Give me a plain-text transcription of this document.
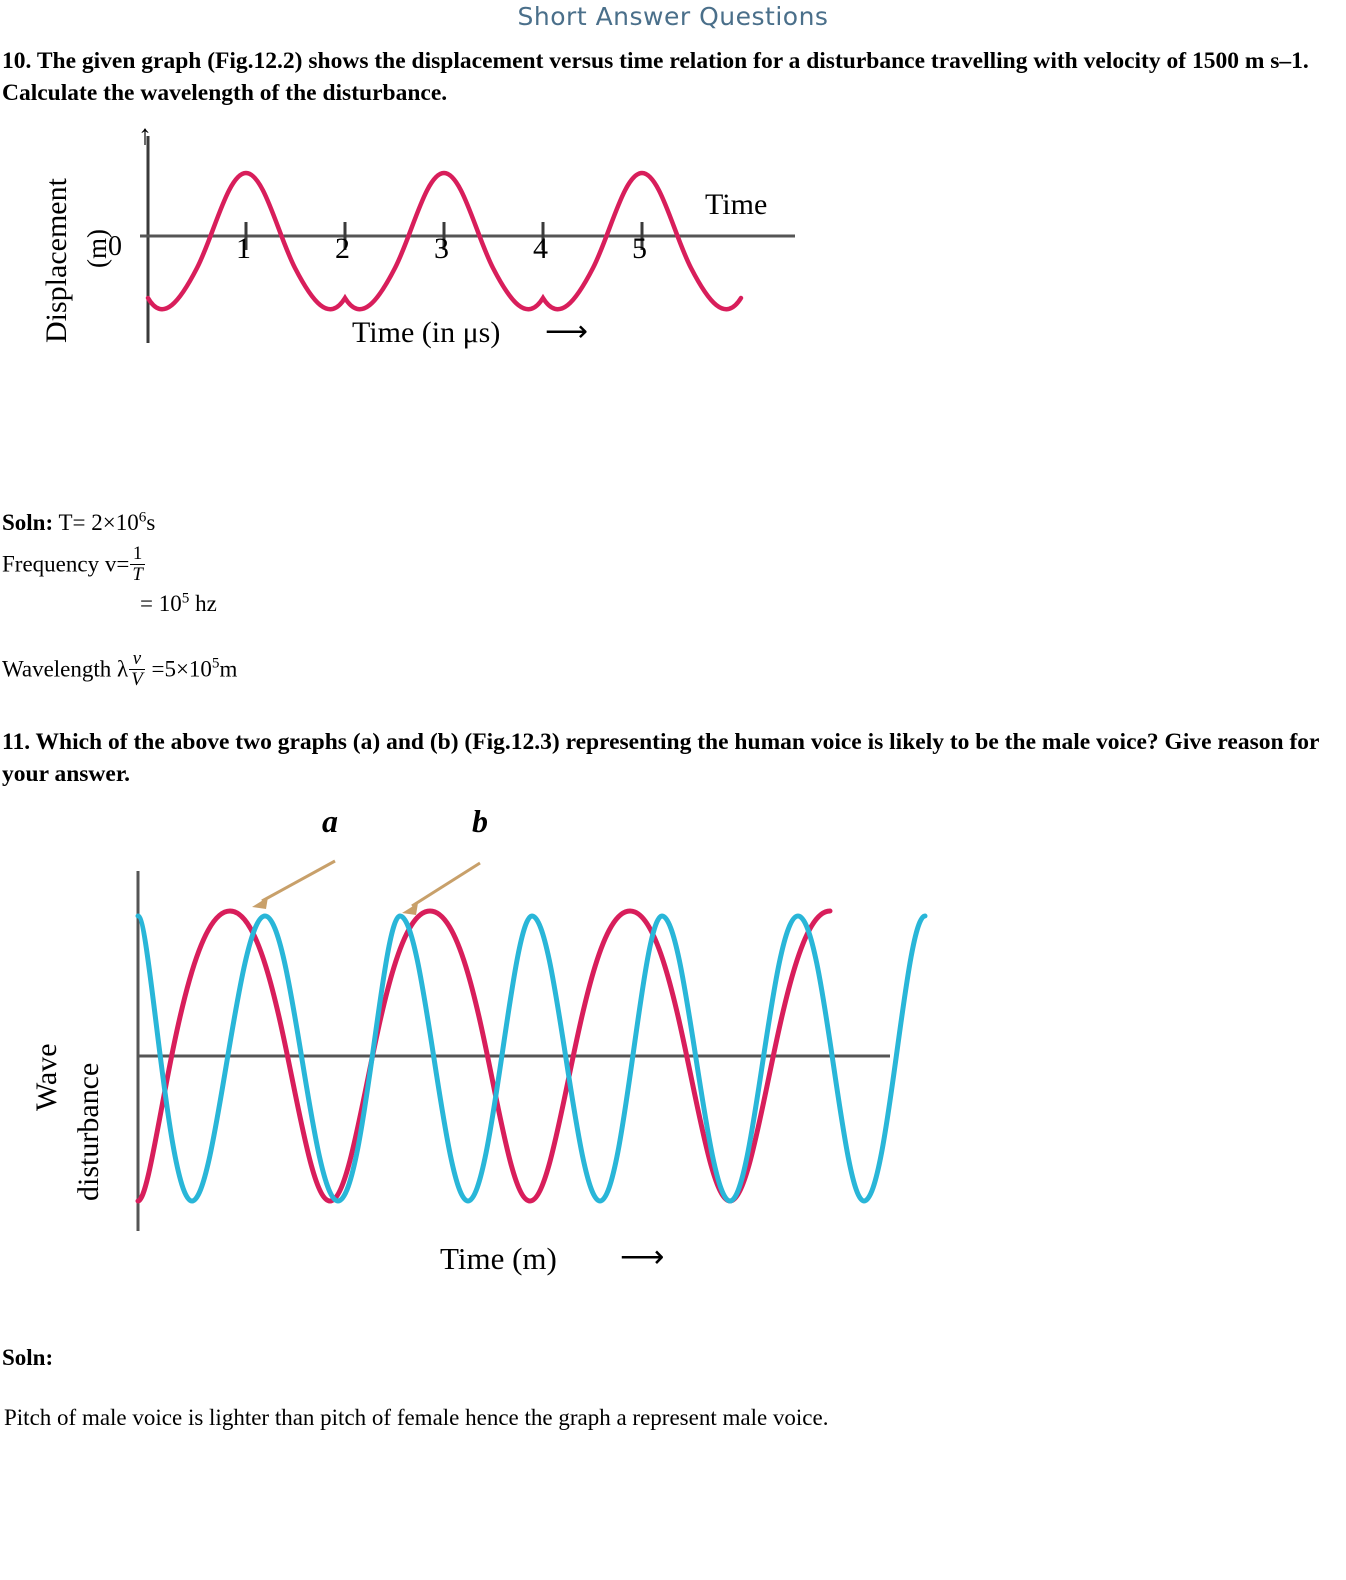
Short Answer Questions
10. The given graph (Fig.12.2) shows the displacement versus time relation for a disturbance travelling with velocity of 1500 m s–1. Calculate the wavelength of the disturbance.
↑
Displacement (m)
0
Time
1	2	3	4	5
Time (in μs) ⟶
Soln: $T= 2\times 10^6s$
Frequency $v= \frac{1}{T}$
= $10^5$ hz
Wavelength λ $\frac{v}{V} =5\times 10^5m$
11. Which of the above two graphs (a) and (b) (Fig.12.3) representing the human voice is likely to be the male voice? Give reason for your answer.
Wave disturbance
a	b
Time (m) ⟶
Soln:
Pitch of male voice is lighter than pitch of female hence the graph a represent male voice.
